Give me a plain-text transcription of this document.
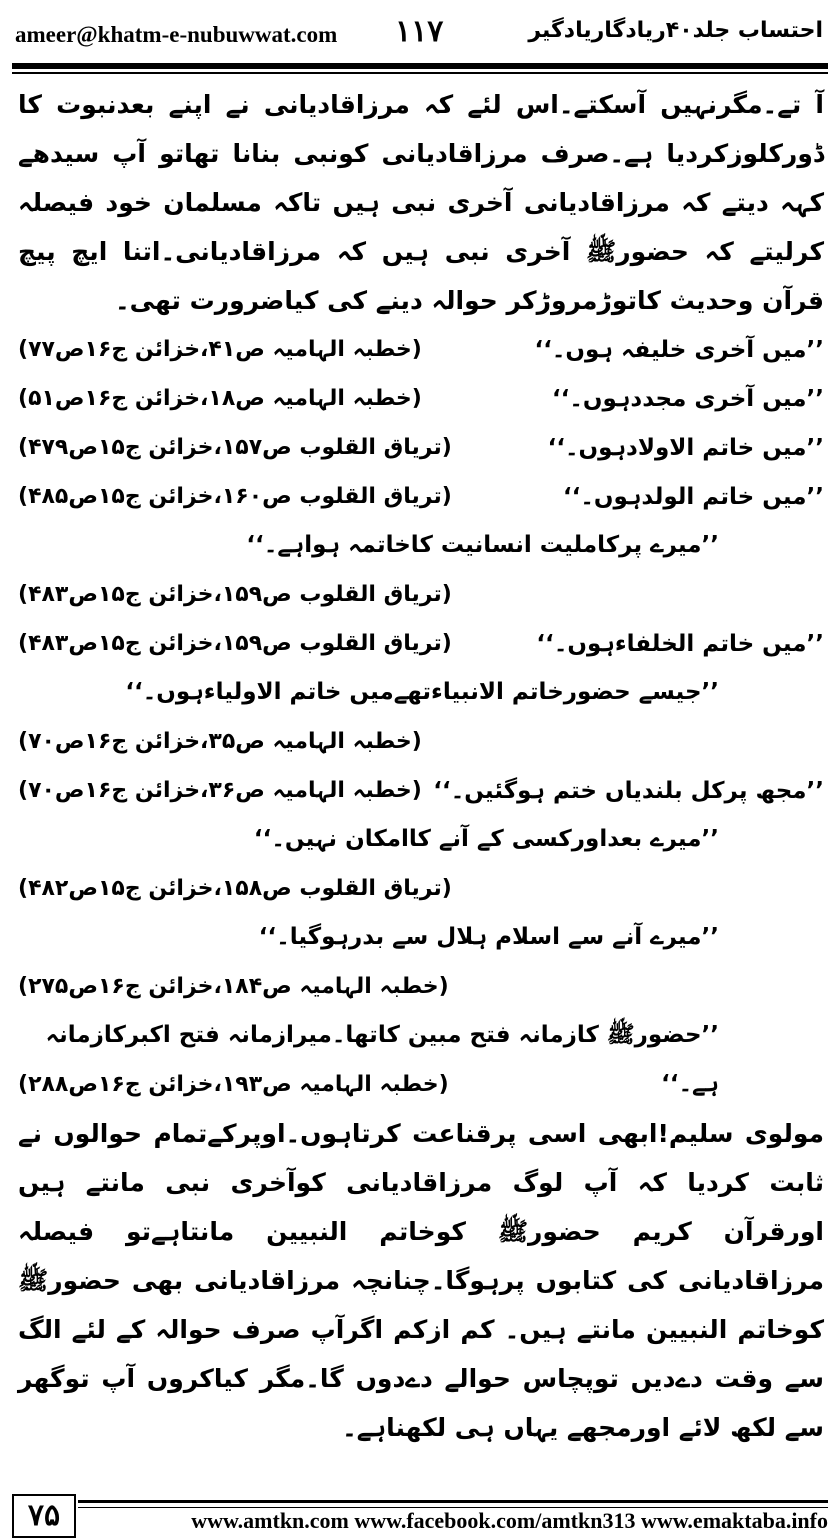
ameer@khatm-e-nubuwwat.com ۱۱۷	احتساب جلد۴۰ریادگاریادگیر

آ تے۔مگرنہیں آسکتے۔اس لئے کہ مرزاقادیانی نے اپنے بعدنبوت کا ڈورکلوزکردیا ہے۔صرف مرزاقادیانی کونبی بنانا تھاتو آپ سیدھے کہہ دیتے کہ مرزاقادیانی آخری نبی ہیں تاکہ مسلمان خود فیصلہ کرلیتے کہ حضورﷺ آخری نبی ہیں کہ مرزاقادیانی۔اتنا ایچ پیچ قرآن وحدیث کاتوڑمروڑکر حوالہ دینے کی کیاضرورت تھی۔

’’میں آخری خلیفہ ہوں۔‘‘
(خطبہ الہامیہ ص۴۱،خزائن ج۱۶ص۷۷)
’’میں آخری مجددہوں۔‘‘
(خطبہ الہامیہ ص۱۸،خزائن ج۱۶ص۵۱)
’’میں خاتم الاولادہوں۔‘‘
(تریاق القلوب ص۱۵۷،خزائن ج۱۵ص۴۷۹)
’’میں خاتم الولدہوں۔‘‘
(تریاق القلوب ص۱۶۰،خزائن ج۱۵ص۴۸۵)
’’میرے پرکاملیت انسانیت کاخاتمہ ہواہے۔‘‘
(تریاق القلوب ص۱۵۹،خزائن ج۱۵ص۴۸۳)
’’میں خاتم الخلفاءہوں۔‘‘
(تریاق القلوب ص۱۵۹،خزائن ج۱۵ص۴۸۳)
’’جیسے حضورخاتم الانبیاءتھےمیں خاتم الاولیاءہوں۔‘‘
(خطبہ الہامیہ ص۳۵،خزائن ج۱۶ص۷۰)
’’مجھ پرکل بلندیاں ختم ہوگئیں۔‘‘
(خطبہ الہامیہ ص۳۶،خزائن ج۱۶ص۷۰)
’’میرے بعداورکسی کے آنے کاامکان نہیں۔‘‘
(تریاق القلوب ص۱۵۸،خزائن ج۱۵ص۴۸۲)
’’میرے آنے سے اسلام ہلال سے بدرہوگیا۔‘‘
(خطبہ الہامیہ ص۱۸۴،خزائن ج۱۶ص۲۷۵)
’’حضورﷺ کازمانہ فتح مبین کاتھا۔میرازمانہ فتح اکبرکازمانہ ہے۔‘‘
(خطبہ الہامیہ ص۱۹۳،خزائن ج۱۶ص۲۸۸)

مولوی سلیم!ابھی اسی پرقناعت کرتاہوں۔اوپرکےتمام حوالوں نے ثابت کردیا کہ آپ لوگ مرزاقادیانی کوآخری نبی مانتے ہیں اورقرآن کریم حضورﷺ کوخاتم النبیین مانتاہےتو فیصلہ مرزاقادیانی کی کتابوں پرہوگا۔چنانچہ مرزاقادیانی بھی حضورﷺ کوخاتم النبیین مانتے ہیں۔ کم ازکم اگرآپ صرف حوالہ کے لئے الگ سے وقت دےدیں توپچاس حوالے دےدوں گا۔مگر کیاکروں آپ توگھر سے لکھ لائے اورمجھے یہاں ہی لکھناہے۔

۷۵	www.amtkn.com www.facebook.com/amtkn313 www.emaktaba.info
